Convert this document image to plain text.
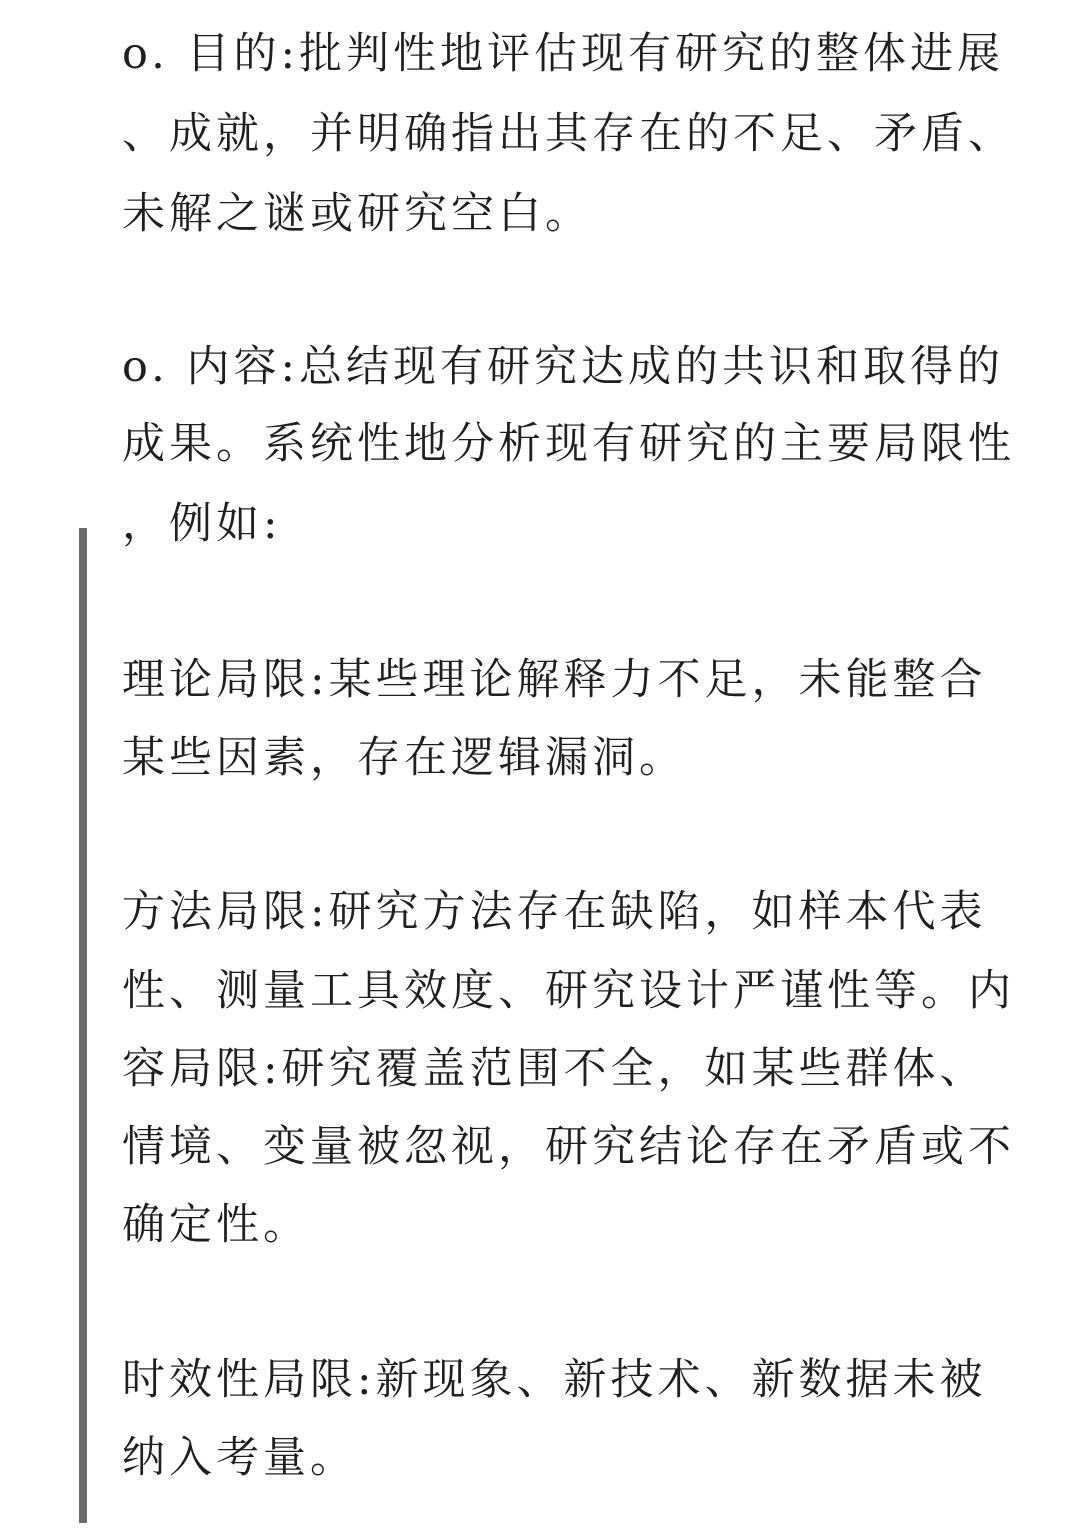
o. 目的:批判性地评估现有研究的整体进展
、成就，并明确指出其存在的不足、矛盾、
未解之谜或研究空白。
o. 内容:总结现有研究达成的共识和取得的
成果。系统性地分析现有研究的主要局限性
，例如:
理论局限:某些理论解释力不足，未能整合
某些因素，存在逻辑漏洞。
方法局限:研究方法存在缺陷，如样本代表
性、测量工具效度、研究设计严谨性等。内
容局限:研究覆盖范围不全，如某些群体、
情境、变量被忽视，研究结论存在矛盾或不
确定性。
时效性局限:新现象、新技术、新数据未被
纳入考量。
